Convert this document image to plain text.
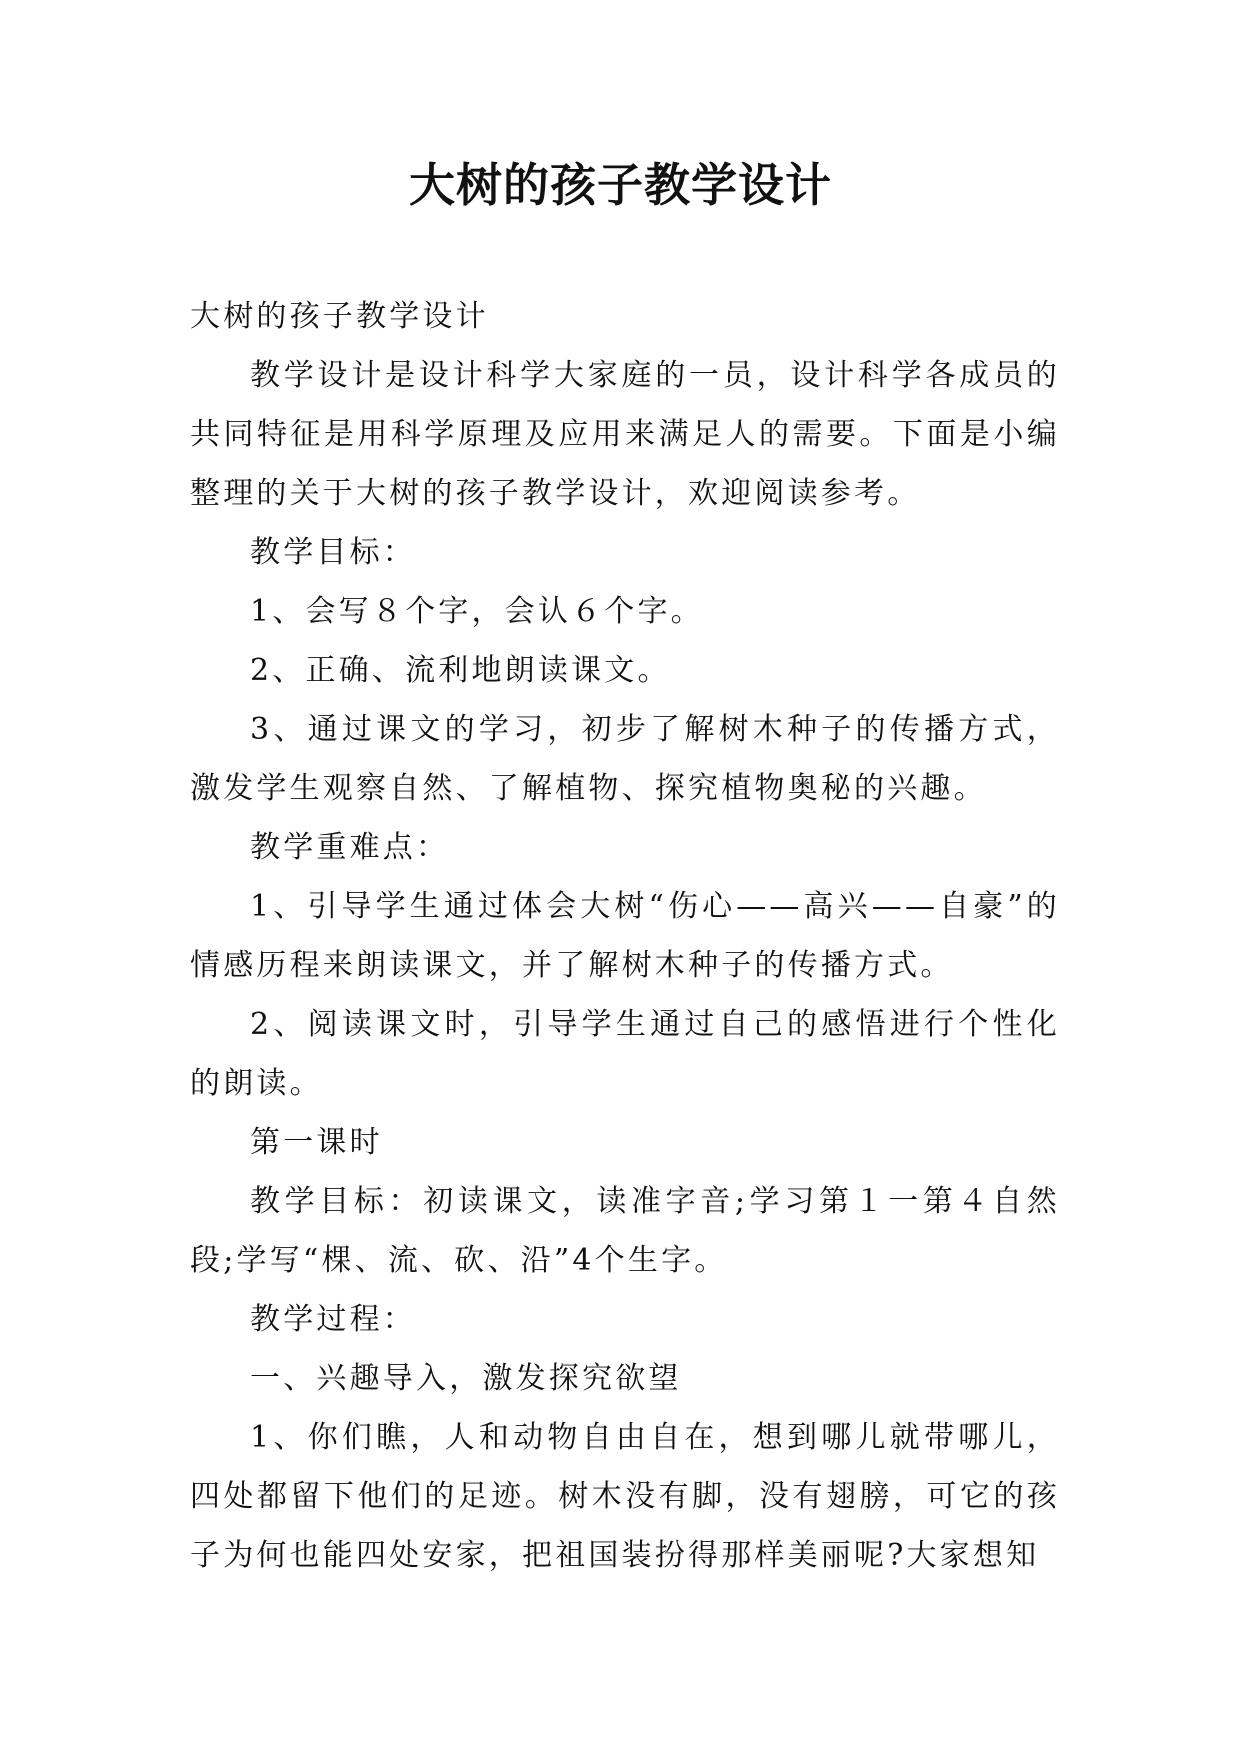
大树的孩子教学设计

大树的孩子教学设计

教学设计是设计科学大家庭的一员，设计科学各成员的共同特征是用科学原理及应用来满足人的需要。下面是小编整理的关于大树的孩子教学设计，欢迎阅读参考。

教学目标：

1、会写８个字，会认６个字。

2、正确、流利地朗读课文。

3、通过课文的学习，初步了解树木种子的传播方式，激发学生观察自然、了解植物、探究植物奥秘的兴趣。

教学重难点：

1、引导学生通过体会大树“伤心——高兴——自豪”的情感历程来朗读课文，并了解树木种子的传播方式。

2、阅读课文时，引导学生通过自己的感悟进行个性化的朗读。

第一课时

教学目标：初读课文，读准字音;学习第１一第４自然段;学写“棵、流、砍、沿”4个生字。

教学过程：

一、兴趣导入，激发探究欲望

1、你们瞧，人和动物自由自在，想到哪儿就带哪儿，四处都留下他们的足迹。树木没有脚，没有翅膀，可它的孩子为何也能四处安家，把祖国装扮得那样美丽呢?大家想知
